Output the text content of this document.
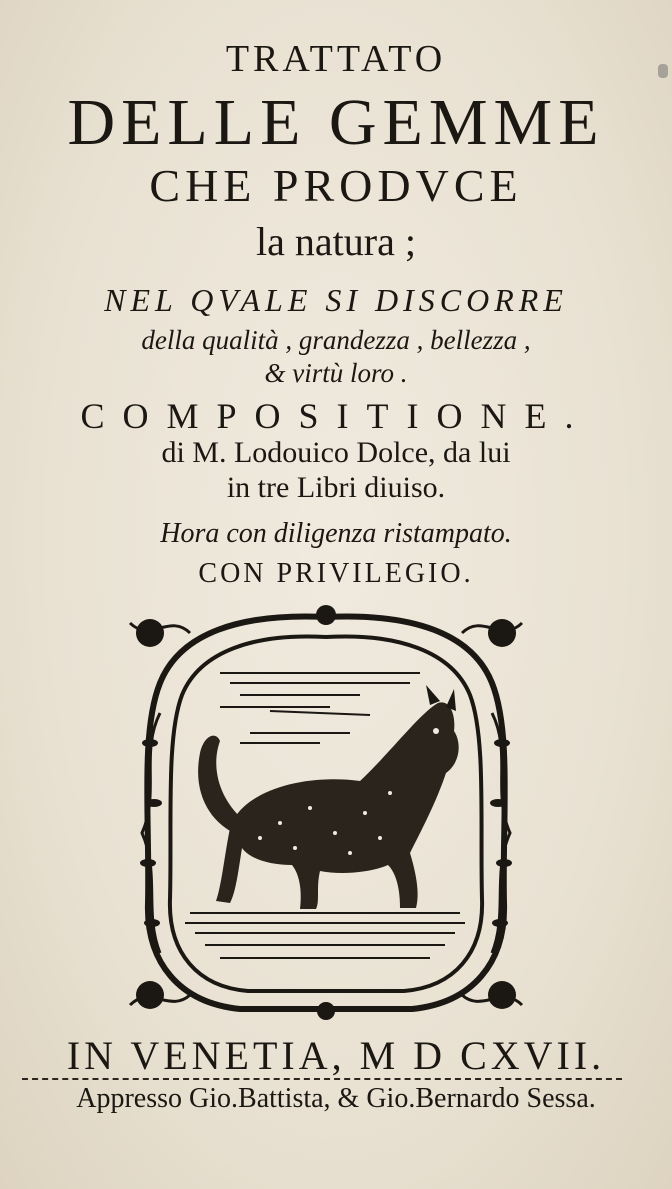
TRATTATO
DELLE GEMME
CHE PRODVCE
la natura ;
NEL QVALE SI DISCORRE
della qualità , grandezza , bellezza ,
& virtù loro .
COMPOSITIONE.
di M. Lodouico Dolce, da lui
in tre Libri diuiso.
Hora con diligenza ristampato.
CON PRIVILEGIO.
IN VENETIA, M D CXVII.
Appresso Gio.Battista, & Gio.Bernardo Sessa.
